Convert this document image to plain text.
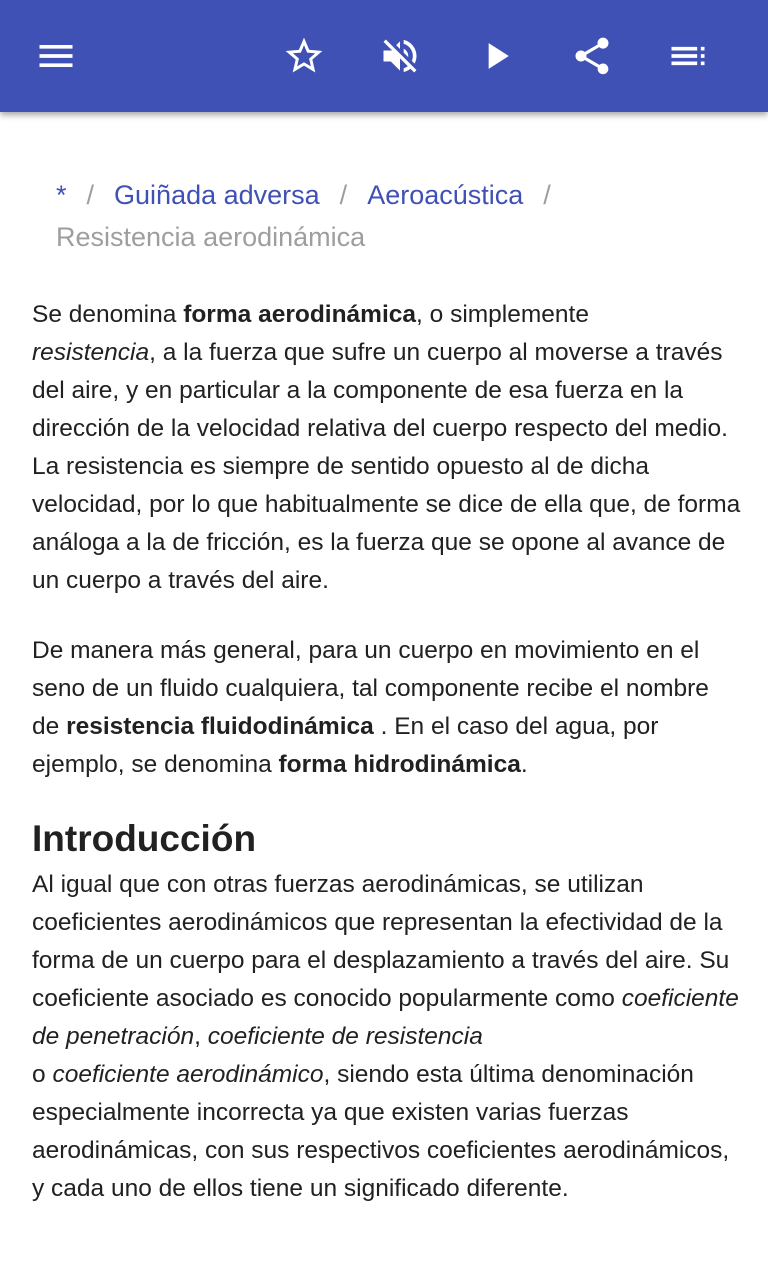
* / Guiñada adversa / Aeroacústica /
Resistencia aerodinámica

Se denomina forma aerodinámica, o simplemente
resistencia, a la fuerza que sufre un cuerpo al moverse a través del aire, y en particular a la componente de esa fuerza en la dirección de la velocidad relativa del cuerpo respecto del medio. La resistencia es siempre de sentido opuesto al de dicha velocidad, por lo que habitualmente se dice de ella que, de forma análoga a la de fricción, es la fuerza que se opone al avance de un cuerpo a través del aire.

De manera más general, para un cuerpo en movimiento en el seno de un fluido cualquiera, tal componente recibe el nombre de resistencia fluidodinámica . En el caso del agua, por ejemplo, se denomina forma hidrodinámica.

Introducción

Al igual que con otras fuerzas aerodinámicas, se utilizan coeficientes aerodinámicos que representan la efectividad de la forma de un cuerpo para el desplazamiento a través del aire. Su coeficiente asociado es conocido popularmente como coeficiente de penetración, coeficiente de resistencia
o coeficiente aerodinámico, siendo esta última denominación especialmente incorrecta ya que existen varias fuerzas aerodinámicas, con sus respectivos coeficientes aerodinámicos, y cada uno de ellos tiene un significado diferente.
